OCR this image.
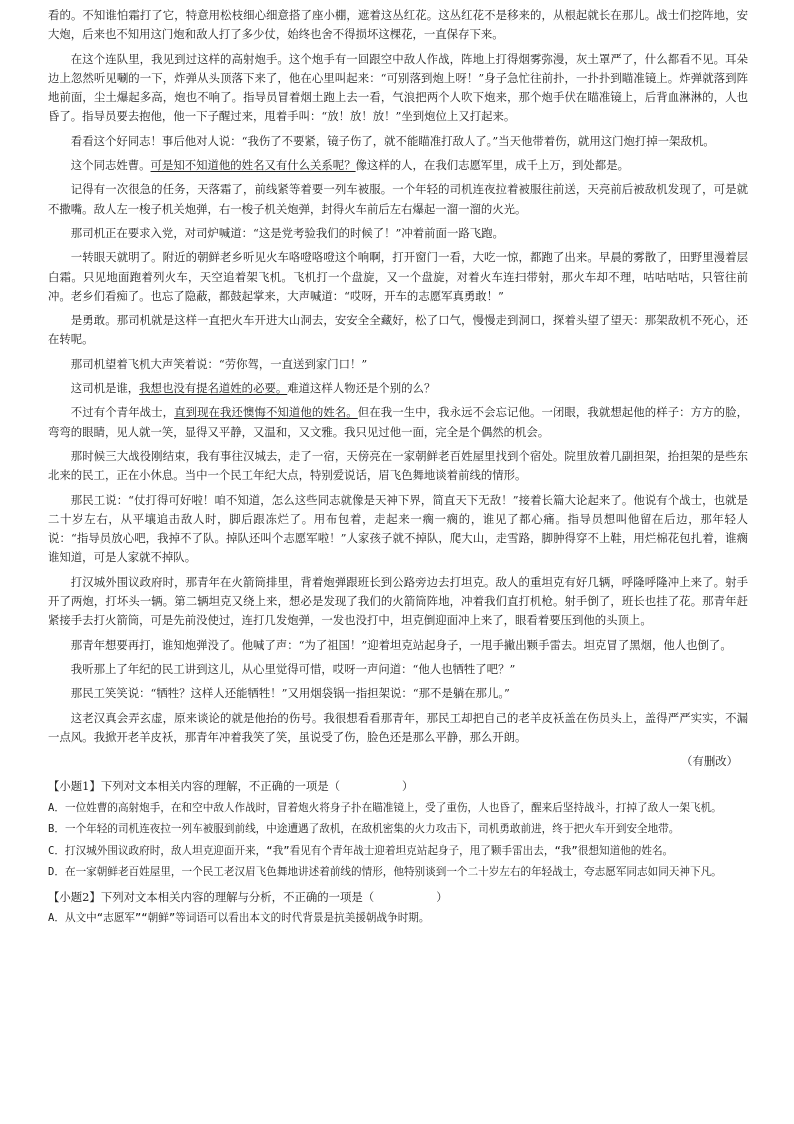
看的。不知谁怕霜打了它，特意用松枝细心细意搭了座小棚，遮着这丛红花。这丛红花不是移来的，从根起就长在那儿。战士们挖阵地，安大炮，后来也不知用这门炮和敌人打了多少仗，始终也舍不得损坏这棵花，一直保存下来。

在这个连队里，我见到过这样的高射炮手。这个炮手有一回跟空中敌人作战，阵地上打得烟雾弥漫，灰土罩严了，什么都看不见。耳朵边上忽然听见唰的一下，炸弹从头顶落下来了，他在心里叫起来：“可别落到炮上呀！”身子急忙往前扑，一扑扑到瞄准镜上。炸弹就落到阵地前面，尘土爆起多高，炮也不响了。指导员冒着烟土跑上去一看，气浪把两个人吹下炮来，那个炮手伏在瞄准镜上，后背血淋淋的，人也昏了。指导员要去抱他，他一下子醒过来，甩着手叫：“放！放！放！”坐到炮位上又打起来。

看看这个好同志！事后他对人说：“我伤了不要紧，镜子伤了，就不能瞄准打敌人了。”当天他带着伤，就用这门炮打掉一架敌机。

这个同志姓曹。可是知不知道他的姓名又有什么关系呢？像这样的人，在我们志愿军里，成千上万，到处都是。

记得有一次很急的任务，天落霜了，前线紧等着要一列车被服。一个年轻的司机连夜拉着被服往前送，天亮前后被敌机发现了，可是就不撒嘴。敌人左一梭子机关炮弹，右一梭子机关炮弹，封得火车前后左右爆起一溜一溜的火光。

那司机正在要求入党，对司炉喊道：“这是党考验我们的时候了！”冲着前面一路飞跑。

一转眼天就明了。附近的朝鲜老乡听见火车咯噔咯噔这个响啊，打开窗门一看，大吃一惊，都跑了出来。早晨的雾散了，田野里漫着层白霜。只见地面跑着列火车，天空追着架飞机。飞机打一个盘旋，又一个盘旋，对着火车连扫带射，那火车却不理，咕咕咕咕，只管往前冲。老乡们看痴了。也忘了隐蔽，都鼓起掌来，大声喊道：“哎呀，开车的志愿军真勇敢！”

是勇敢。那司机就是这样一直把火车开进大山洞去，安安全全藏好，松了口气，慢慢走到洞口，探着头望了望天：那架敌机不死心，还在转呢。

那司机望着飞机大声笑着说：“劳你驾，一直送到家门口！”

这司机是谁，我想也没有提名道姓的必要。难道这样人物还是个别的么？

不过有个青年战士，直到现在我还懊悔不知道他的姓名。但在我一生中，我永远不会忘记他。一闭眼，我就想起他的样子：方方的脸，弯弯的眼睛，见人就一笑，显得又平静，又温和，又文雅。我只见过他一面，完全是个偶然的机会。

那时候三大战役刚结束，我有事往汉城去，走了一宿，天傍亮在一家朝鲜老百姓屋里找到个宿处。院里放着几副担架，抬担架的是些东北来的民工，正在小休息。当中一个民工年纪大点，特别爱说话，眉飞色舞地谈着前线的情形。

那民工说：“仗打得可好啦！咱不知道，怎么这些同志就像是天神下界，简直天下无敌！”接着长篇大论起来了。他说有个战士，也就是二十岁左右，从平壤追击敌人时，脚后跟冻烂了。用布包着，走起来一瘸一瘸的，谁见了都心痛。指导员想叫他留在后边，那年轻人说：“指导员放心吧，我掉不了队。掉队还叫个志愿军啦！”人家孩子就不掉队，爬大山，走雪路，脚肿得穿不上鞋，用烂棉花包扎着，谁瘸谁知道，可是人家就不掉队。

打汉城外围议政府时，那青年在火箭筒排里，背着炮弹跟班长到公路旁边去打坦克。敌人的重坦克有好几辆，呼隆呼隆冲上来了。射手开了两炮，打坏头一辆。第二辆坦克又绕上来，想必是发现了我们的火箭筒阵地，冲着我们直打机枪。射手倒了，班长也挂了花。那青年赶紧接手去打火箭筒，可是先前没使过，连打几发炮弹，一发也没打中，坦克倒迎面冲上来了，眼看着要压到他的头顶上。

那青年想要再打，谁知炮弹没了。他喊了声：“为了祖国！”迎着坦克站起身子，一甩手撇出颗手雷去。坦克冒了黑烟，他人也倒了。

我听那上了年纪的民工讲到这儿，从心里觉得可惜，哎呀一声问道：“他人也牺牲了吧？”

那民工笑笑说：“牺牲？这样人还能牺牲！”又用烟袋锅一指担架说：“那不是躺在那儿。”

这老汉真会弄玄虚，原来谈论的就是他抬的伤号。我很想看看那青年，那民工却把自己的老羊皮袄盖在伤员头上，盖得严严实实，不漏一点风。我掀开老羊皮袄，那青年冲着我笑了笑，虽说受了伤，脸色还是那么平静，那么开朗。

（有删改）
【小题1】下列对文本相关内容的理解，不正确的一项是（	）

A．一位姓曹的高射炮手，在和空中敌人作战时，冒着炮火将身子扑在瞄准镜上，受了重伤，人也昏了，醒来后坚持战斗，打掉了敌人一架飞机。

B．一个年轻的司机连夜拉一列车被服到前线，中途遭遇了敌机，在敌机密集的火力攻击下，司机勇敢前进，终于把火车开到安全地带。

C．打汉城外围议政府时，敌人坦克迎面开来，“我”看见有个青年战士迎着坦克站起身子，甩了颗手雷出去，“我”很想知道他的姓名。

D．在一家朝鲜老百姓屋里，一个民工老汉眉飞色舞地讲述着前线的情形，他特别谈到一个二十岁左右的年轻战士，夸志愿军同志如同天神下凡。

【小题2】下列对文本相关内容的理解与分析，不正确的一项是（	）

A．从文中“志愿军”“朝鲜”等词语可以看出本文的时代背景是抗美援朝战争时期。
